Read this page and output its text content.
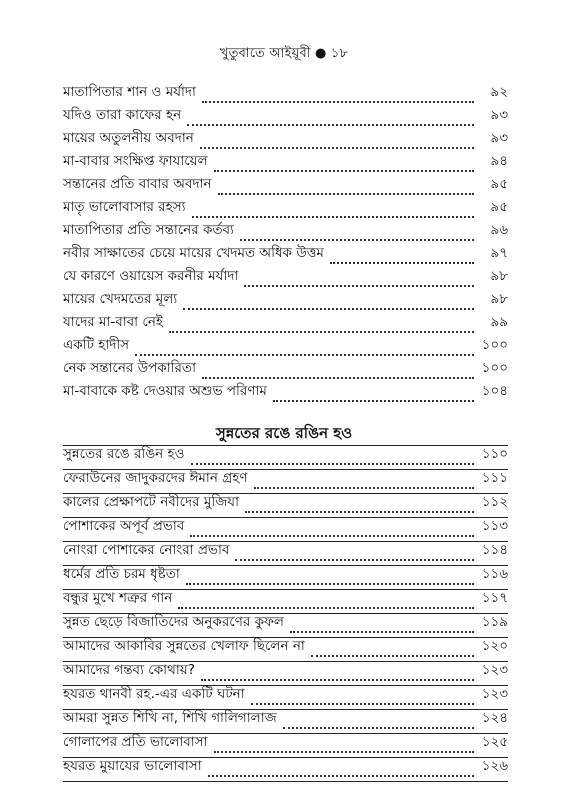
খুতুবাতে আইয়ূবী ● ১৮
মাতাপিতার শান ও মর্যাদা	৯২
যদিও তারা কাফের হন	৯৩
মায়ের অতুলনীয় অবদান	৯৩
মা-বাবার সংক্ষিপ্ত ফাযায়েল	৯৪
সন্তানের প্রতি বাবার অবদান	৯৫
মাতৃ ভালোবাসার রহস্য	৯৫
মাতাপিতার প্রতি সন্তানের কর্তব্য	৯৬
নবীর সাক্ষাতের চেয়ে মায়ের খেদমত অধিক উত্তম	৯৭
যে কারণে ওয়ায়েস করনীর মর্যাদা	৯৮
মায়ের খেদমতের মূল্য	৯৮
যাদের মা-বাবা নেই	৯৯
একটি হাদীস	১০০
নেক সন্তানের উপকারিতা	১০০
মা-বাবাকে কষ্ট দেওয়ার অশুভ পরিণাম	১০৪
সুন্নতের রঙে রঙিন হও
সুন্নতের রঙে রঙিন হও	১১০
ফেরাউনের জাদুকরদের ঈমান গ্রহণ	১১১
কালের প্রেক্ষাপটে নবীদের মুজিযা	১১২
পোশাকের অপূর্ব প্রভাব	১১৩
নোংরা পোশাকের নোংরা প্রভাব	১১৪
ধর্মের প্রতি চরম ধৃষ্টতা	১১৬
বন্ধুর মুখে শত্রুর গান	১১৭
সুন্নত ছেড়ে বিজাতিদের অনুকরণের কুফল	১১৯
আমাদের আকাবির সুন্নতের খেলাফ ছিলেন না	১২০
আমাদের গন্তব্য কোথায়?	১২৩
হযরত থানবী রহ.-এর একটি ঘটনা	১২৩
আমরা সুন্নত শিখি না, শিখি গালিগালাজ	১২৪
গোলাপের প্রতি ভালোবাসা	১২৫
হযরত মুয়াযের ভালোবাসা	১২৬
